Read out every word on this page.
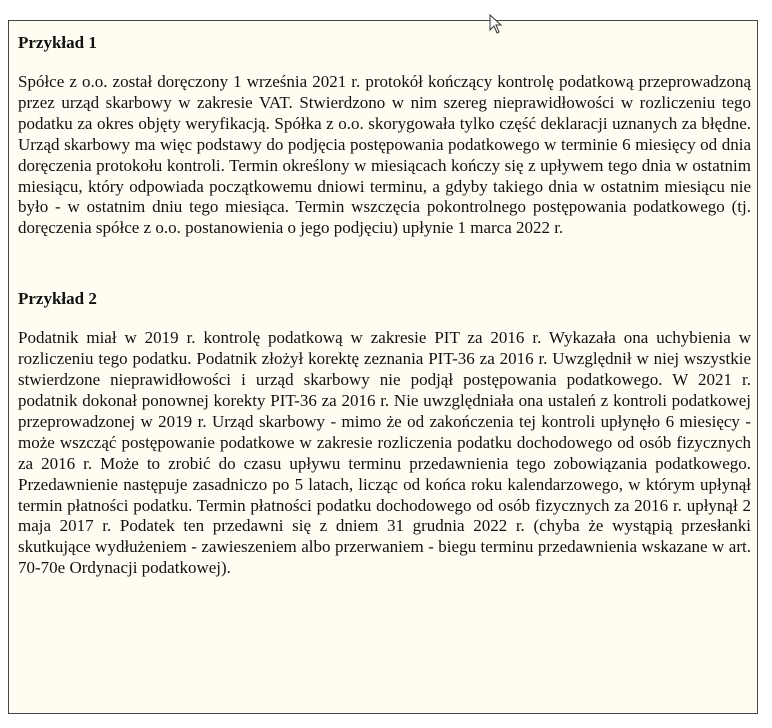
Przykład 1

Spółce z o.o. został doręczony 1 września 2021 r. protokół kończący kontrolę podatkową przeprowadzoną przez urząd skarbowy w zakresie VAT. Stwierdzono w nim szereg nieprawidłowości w rozliczeniu tego podatku za okres objęty weryfikacją. Spółka z o.o. skorygowała tylko część deklaracji uznanych za błędne. Urząd skarbowy ma więc podstawy do podjęcia postępowania podatkowego w terminie 6 miesięcy od dnia doręczenia protokołu kontroli. Termin określony w miesiącach kończy się z upływem tego dnia w ostatnim miesiącu, który odpowiada początkowemu dniowi terminu, a gdyby takiego dnia w ostatnim miesiącu nie było - w ostatnim dniu tego miesiąca. Termin wszczęcia pokontrolnego postępowania podatkowego (tj. doręczenia spółce z o.o. postanowienia o jego podjęciu) upłynie 1 marca 2022 r.

Przykład 2

Podatnik miał w 2019 r. kontrolę podatkową w zakresie PIT za 2016 r. Wykazała ona uchybienia w rozliczeniu tego podatku. Podatnik złożył korektę zeznania PIT-36 za 2016 r. Uwzględnił w niej wszystkie stwierdzone nieprawidłowości i urząd skarbowy nie podjął postępowania podatkowego. W 2021 r. podatnik dokonał ponownej korekty PIT-36 za 2016 r. Nie uwzględniała ona ustaleń z kontroli podatkowej przeprowadzonej w 2019 r. Urząd skarbowy - mimo że od zakończenia tej kontroli upłynęło 6 miesięcy - może wszcząć postępowanie podatkowe w zakresie rozliczenia podatku dochodowego od osób fizycznych za 2016 r. Może to zrobić do czasu upływu terminu przedawnienia tego zobowiązania podatkowego. Przedawnienie następuje zasadniczo po 5 latach, licząc od końca roku kalendarzowego, w którym upłynął termin płatności podatku. Termin płatności podatku dochodowego od osób fizycznych za 2016 r. upłynął 2 maja 2017 r. Podatek ten przedawni się z dniem 31 grudnia 2022 r. (chyba że wystąpią przesłanki skutkujące wydłużeniem - zawieszeniem albo przerwaniem - biegu terminu przedawnienia wskazane w art. 70-70e Ordynacji podatkowej).
